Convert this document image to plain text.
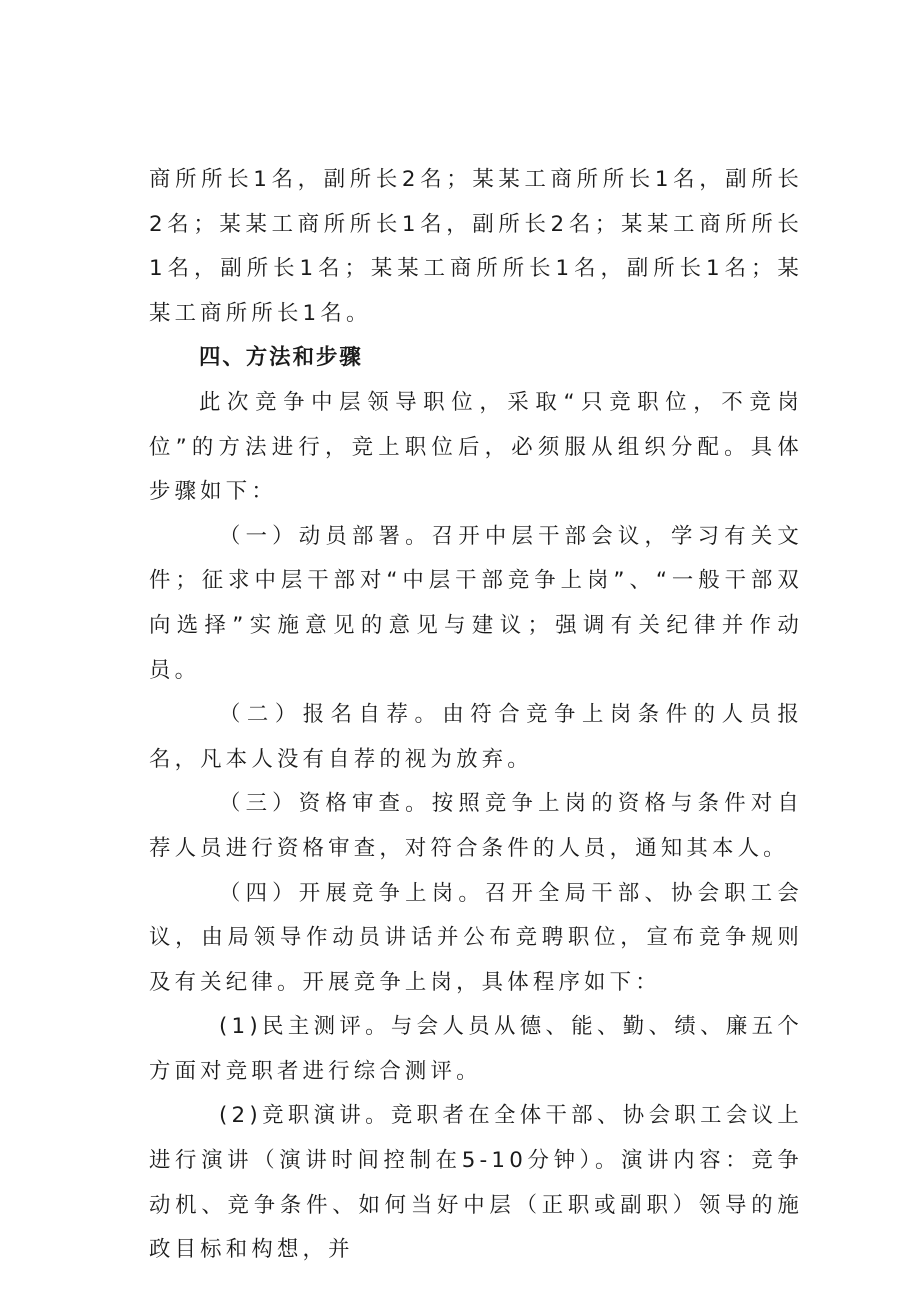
商所所长1名，副所长2名；某某工商所所长1名，副所长2名；某某工商所所长1名，副所长2名；某某工商所所长1名，副所长1名；某某工商所所长1名，副所长1名；某某工商所所长1名。

四、方法和步骤

此次竞争中层领导职位，采取“只竞职位，不竞岗位”的方法进行，竞上职位后，必须服从组织分配。具体步骤如下：

（一）动员部署。召开中层干部会议，学习有关文件；征求中层干部对“中层干部竞争上岗”、“一般干部双向选择”实施意见的意见与建议；强调有关纪律并作动员。

（二）报名自荐。由符合竞争上岗条件的人员报名，凡本人没有自荐的视为放弃。

（三）资格审查。按照竞争上岗的资格与条件对自荐人员进行资格审查，对符合条件的人员，通知其本人。

（四）开展竞争上岗。召开全局干部、协会职工会议，由局领导作动员讲话并公布竞聘职位，宣布竞争规则及有关纪律。开展竞争上岗，具体程序如下：

(1)民主测评。与会人员从德、能、勤、绩、廉五个方面对竞职者进行综合测评。

(2)竞职演讲。竞职者在全体干部、协会职工会议上进行演讲（演讲时间控制在5-10分钟）。演讲内容：竞争动机、竞争条件、如何当好中层（正职或副职）领导的施政目标和构想，并
